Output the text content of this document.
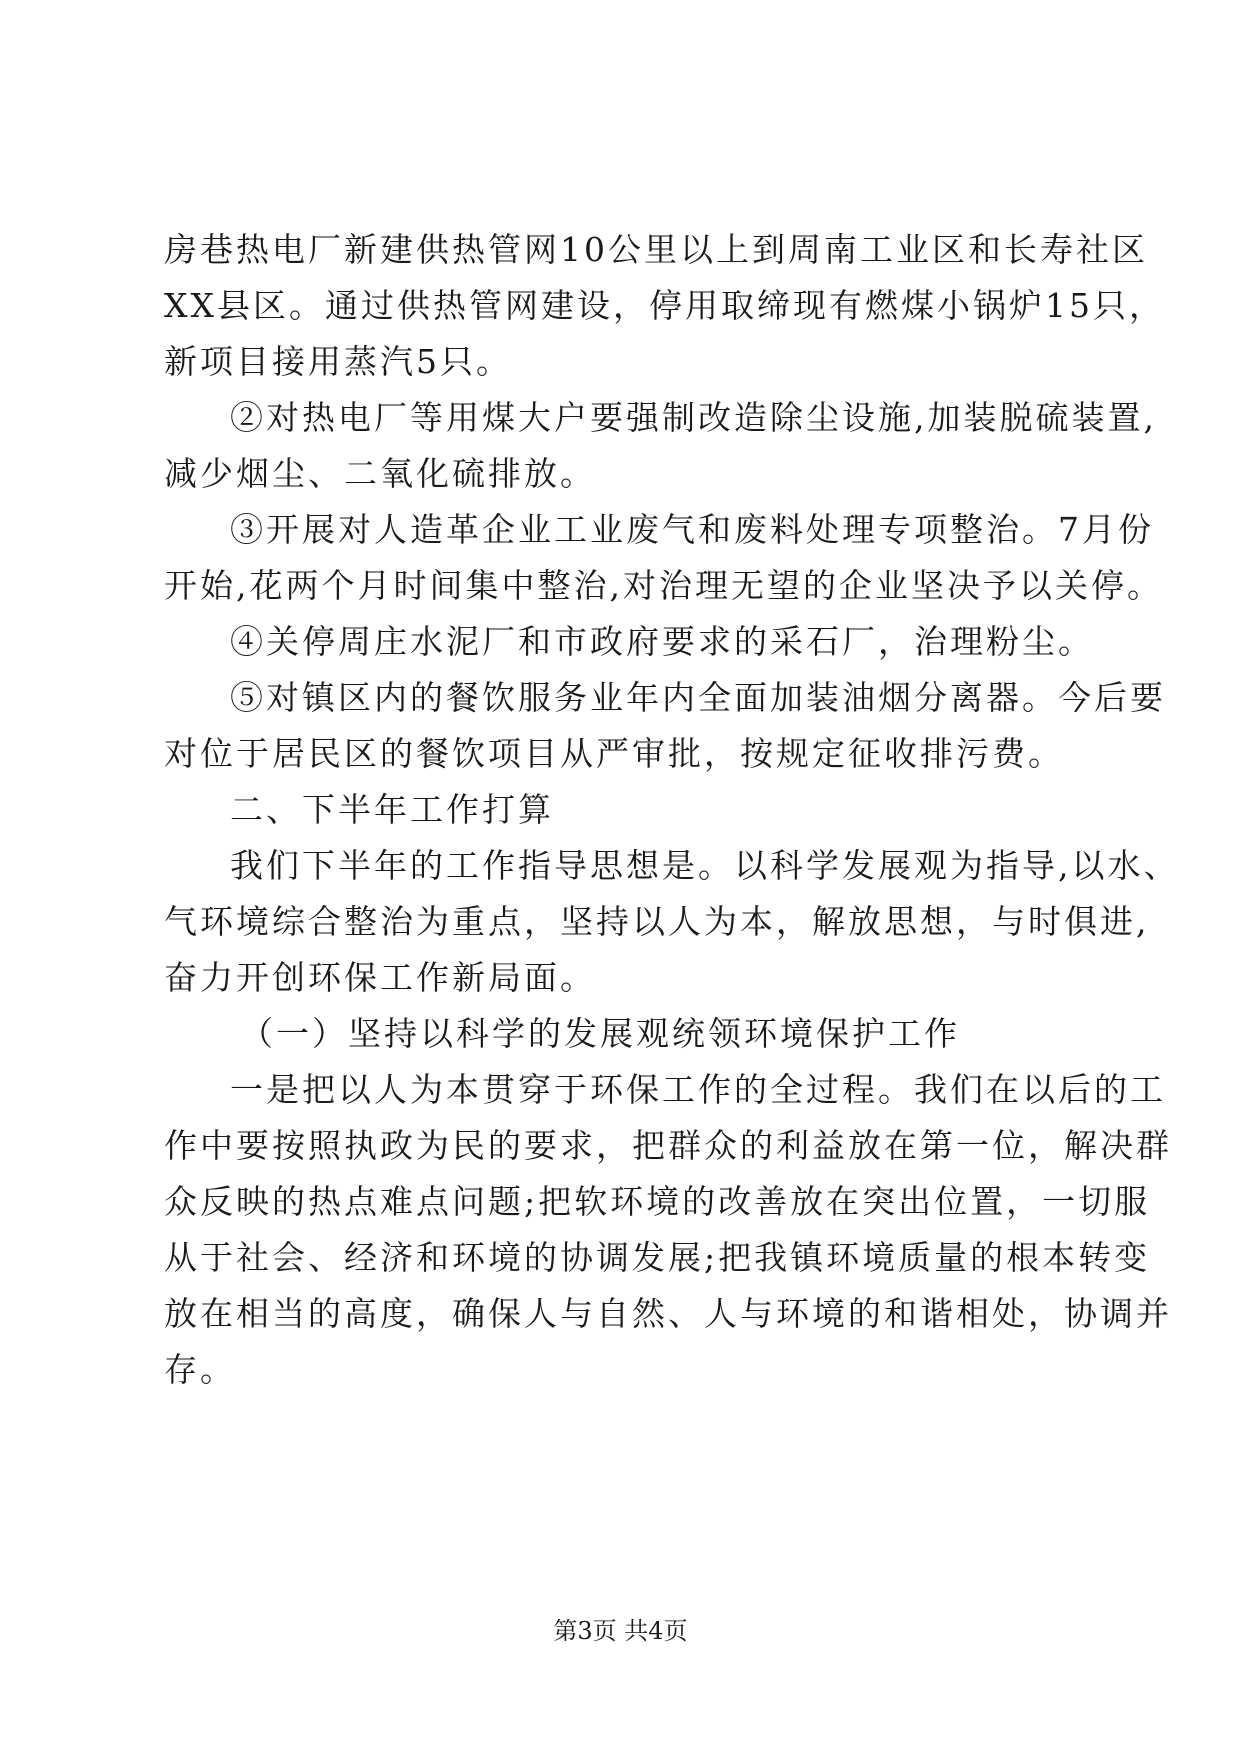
房巷热电厂新建供热管网10公里以上到周南工业区和长寿社区
XX县区。通过供热管网建设，停用取缔现有燃煤小锅炉15只，
新项目接用蒸汽5只。
②对热电厂等用煤大户要强制改造除尘设施,加装脱硫装置,
减少烟尘、二氧化硫排放。
③开展对人造革企业工业废气和废料处理专项整治。7月份
开始,花两个月时间集中整治,对治理无望的企业坚决予以关停。
④关停周庄水泥厂和市政府要求的采石厂，治理粉尘。
⑤对镇区内的餐饮服务业年内全面加装油烟分离器。今后要
对位于居民区的餐饮项目从严审批，按规定征收排污费。
二、下半年工作打算
我们下半年的工作指导思想是。以科学发展观为指导,以水、
气环境综合整治为重点，坚持以人为本，解放思想，与时俱进,
奋力开创环保工作新局面。
（一）坚持以科学的发展观统领环境保护工作
一是把以人为本贯穿于环保工作的全过程。我们在以后的工
作中要按照执政为民的要求，把群众的利益放在第一位，解决群
众反映的热点难点问题;把软环境的改善放在突出位置，一切服
从于社会、经济和环境的协调发展;把我镇环境质量的根本转变
放在相当的高度，确保人与自然、人与环境的和谐相处，协调并
存。
第3页 共4页
